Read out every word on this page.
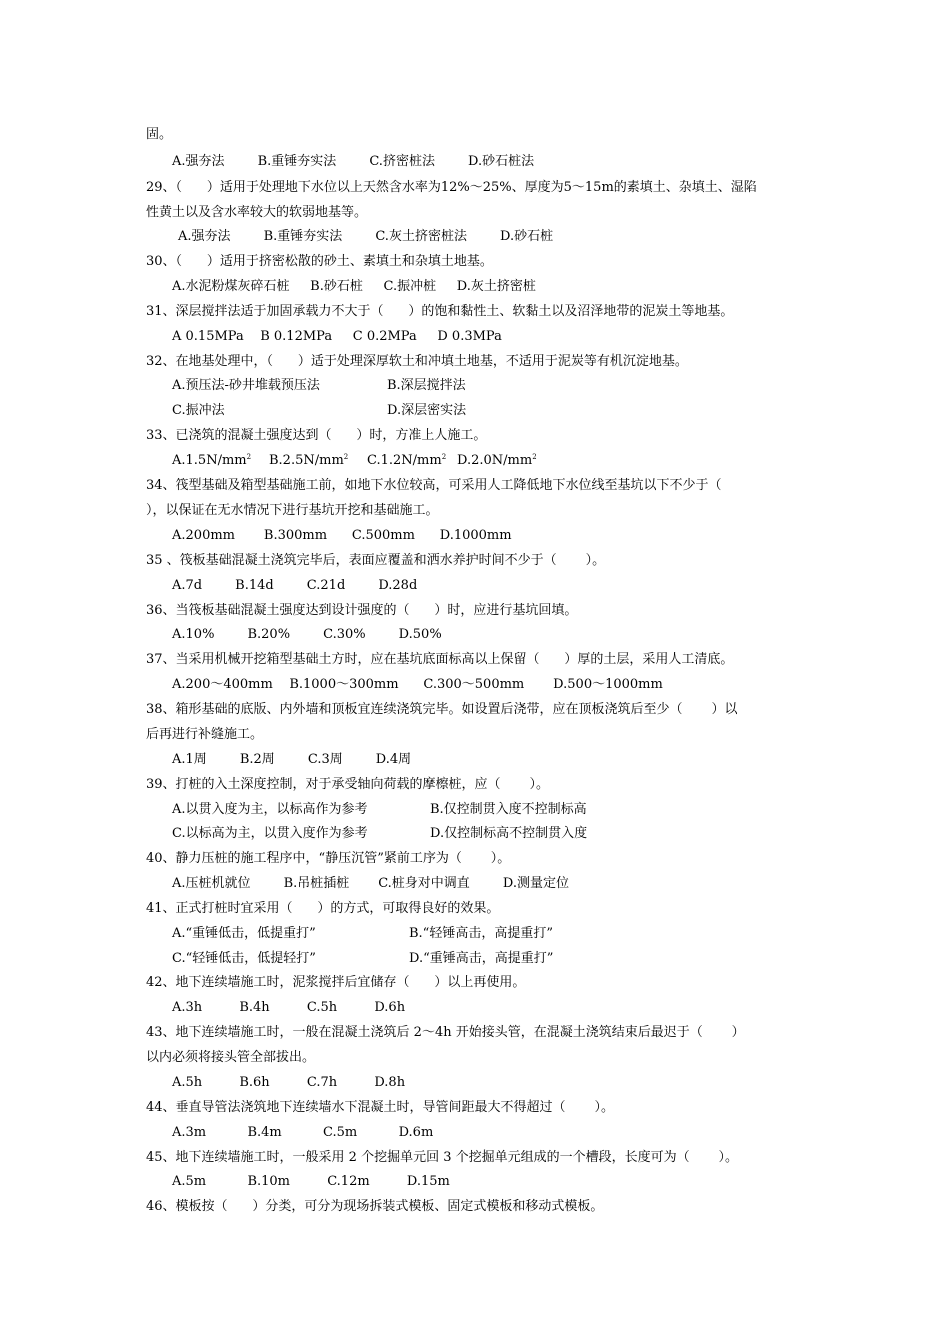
固。
A.强夯法        B.重锤夯实法        C.挤密桩法        D.砂石桩法
29、（      ）适用于处理地下水位以上天然含水率为12%～25%、厚度为5～15m的素填土、杂填土、湿陷
性黄土以及含水率较大的软弱地基等。
A.强夯法        B.重锤夯实法        C.灰土挤密桩法        D.砂石桩
30、（      ）适用于挤密松散的砂土、素填土和杂填土地基。
A.水泥粉煤灰碎石桩     B.砂石桩     C.振冲桩     D.灰土挤密桩
31、深层搅拌法适于加固承载力不大于（      ）的饱和黏性土、软黏土以及沼泽地带的泥炭土等地基。
A 0.15MPa    B 0.12MPa     C 0.2MPa     D 0.3MPa
32、在地基处理中，（      ）适于处理深厚软土和冲填土地基，不适用于泥炭等有机沉淀地基。
A.预压法-砂井堆载预压法	B.深层搅拌法
C.振冲法	D.深层密实法
33、已浇筑的混凝土强度达到（      ）时，方准上人施工。

$A.1.5N/mm^2$

$B.2.5N/mm^2$

$C.1.2N/mm^2$

$D.2.0N/mm^2$

34、筏型基础及箱型基础施工前，如地下水位较高，可采用人工降低地下水位线至基坑以下不少于（
），以保证在无水情况下进行基坑开挖和基础施工。
A.200mm       B.300mm      C.500mm      D.1000mm
35 、筏板基础混凝土浇筑完毕后，表面应覆盖和洒水养护时间不少于（       ）。
A.7d        B.14d        C.21d        D.28d
36、当筏板基础混凝土强度达到设计强度的（      ）时，应进行基坑回填。
A.10%        B.20%        C.30%        D.50%
37、当采用机械开挖箱型基础土方时，应在基坑底面标高以上保留（      ）厚的土层，采用人工清底。
A.200～400mm    B.1000～300mm      C.300～500mm       D.500～1000mm
38、箱形基础的底版、内外墙和顶板宜连续浇筑完毕。如设置后浇带，应在顶板浇筑后至少（       ）以
后再进行补缝施工。
A.1周        B.2周        C.3周        D.4周
39、打桩的入土深度控制，对于承受轴向荷载的摩檫桩，应（       ）。
A.以贯入度为主，以标高作为参考	B.仅控制贯入度不控制标高
C.以标高为主，以贯入度作为参考	D.仅控制标高不控制贯入度
40、静力压桩的施工程序中，“静压沉管”紧前工序为（       ）。
A.压桩机就位        B.吊桩插桩       C.桩身对中调直        D.测量定位
41、正式打桩时宜采用（      ）的方式，可取得良好的效果。
A.“重锤低击，低提重打”	B.“轻锤高击，高提重打”
C.“轻锤低击，低提轻打”	D.“重锤高击，高提重打”
42、地下连续墙施工时，泥浆搅拌后宜储存（      ）以上再使用。
A.3h         B.4h         C.5h         D.6h
43、地下连续墙施工时，一般在混凝土浇筑后 2～4h 开始接头管，在混凝土浇筑结束后最迟于（       ）
以内必须将接头管全部拔出。
A.5h         B.6h         C.7h         D.8h
44、垂直导管法浇筑地下连续墙水下混凝土时，导管间距最大不得超过（       ）。
A.3m          B.4m          C.5m          D.6m
45、地下连续墙施工时，一般采用 2 个挖掘单元回 3 个挖掘单元组成的一个槽段，长度可为（       ）。
A.5m          B.10m         C.12m         D.15m
46、模板按（      ）分类，可分为现场拆装式模板、固定式模板和移动式模板。
